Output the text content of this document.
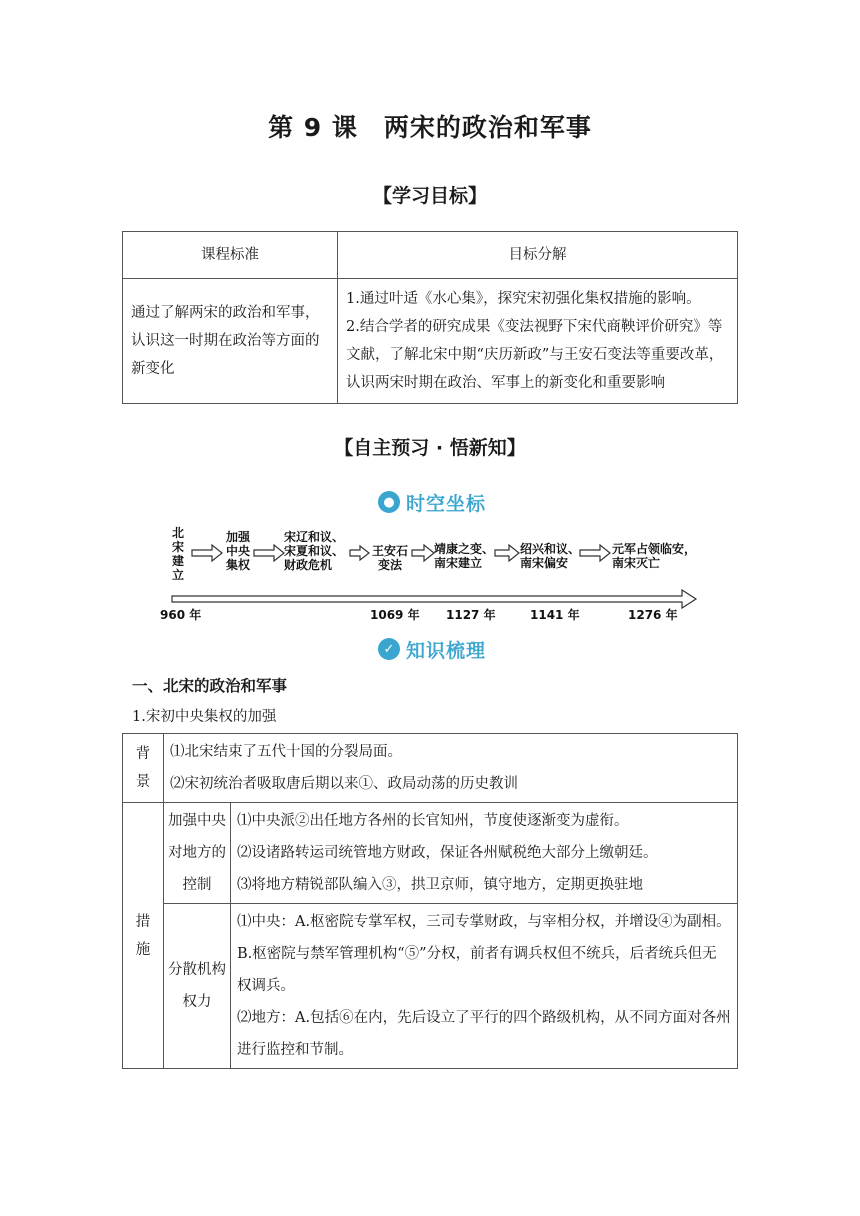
第 9 课　两宋的政治和军事
【学习目标】
课程标准	目标分解
通过了解两宋的政治和军事，认识这一时期在政治等方面的新变化	1.通过叶适《水心集》，探究宋初强化集权措施的影响。
2.结合学者的研究成果《变法视野下宋代商鞅评价研究》等文献，了解北宋中期“庆历新政”与王安石变法等重要改革，认识两宋时期在政治、军事上的新变化和重要影响
【自主预习 · 悟新知】
● 时空坐标
北
宋
建
立
加强
中央
集权
宋辽和议、
宋夏和议、
财政危机
王安石
变法
靖康之变、
南宋建立
绍兴和议、
南宋偏安
元军占领临安，
南宋灭亡
960 年	1069 年 1127 年	1141 年	1276 年
✓ 知识梳理
一、北宋的政治和军事
1.宋初中央集权的加强
背景	⑴北宋结束了五代十国的分裂局面。
⑵宋初统治者吸取唐后期以来①、政局动荡的历史教训	

措施	加强中央对地方的控制	⑴中央派②出任地方各州的长官知州，节度使逐渐变为虚衔。
⑵设诸路转运司统管地方财政，保证各州赋税绝大部分上缴朝廷。
⑶将地方精锐部队编入③，拱卫京师，镇守地方，定期更换驻地

	分散机构权力	⑴中央：A.枢密院专掌军权，三司专掌财政，与宰相分权，并增设④为副相。
B.枢密院与禁军管理机构“⑤”分权，前者有调兵权但不统兵，后者统兵但无权调兵。
⑵地方：A.包括⑥在内，先后设立了平行的四个路级机构，从不同方面对各州进行监控和节制。
